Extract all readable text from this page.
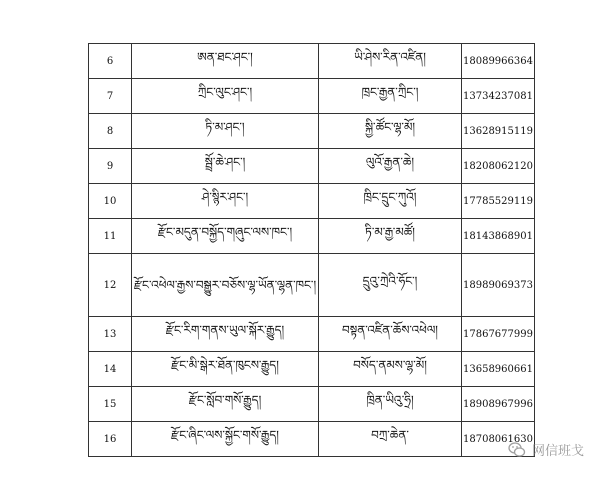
6	ཨན་ཐང་ཤང་།	ཡི་ཤེས་རིན་འཛིན།	18089966364
7	ཀྲིང་ལུང་ཤང་།	ཁྲང་རྒྱན་ཀྲིང་།	13734237081
8	ཏི་མ་ཤང་།	སྐྱི་ཚོང་ལྷ་མོ།	13628915119
9	སྦྲོ་ཆེ་ཤང་།	ལུའོ་རྒྱན་ཆེ།	18208062120
10	ཤེ་སྙིར་ཤང་།	ཁྲིང་དྲུང་ཀུའོ།	17785529119
11	རྫོང་མདུན་བསྐྱོད་གཞུང་ལས་ཁང་།	ཏི་མ་རྒྱ་མཚོ།	18143868901
12	རྫོང་འཕེལ་རྒྱས་བསྒྱུར་བཅོས་ལྷ་ཡོན་ལྷན་ཁང་།	དྲུའུ་ཀྲེའི་ཧོང་།	18989069373
13	རྫོང་རིག་གནས་ཡུལ་སྐོར་རྒྱུད།	བསྟན་འཛིན་ཆོས་འཕེལ།	17867677999
14	རྫོང་མི་སྒེར་ཐོན་ཁུངས་རྒྱུད།	བསོད་ནམས་ལྷ་མོ།	13658960661
15	རྫོང་སློབ་གསོ་རྒྱུད།	ཁྲིན་ཡིའུ་ཧྲི།	18908967996
16	རྫོང་ཞིང་ལས་སྐྱོང་གསོ་རྒྱུད།	བཀྲ་ཆེན་	18708061630
网信班戈
